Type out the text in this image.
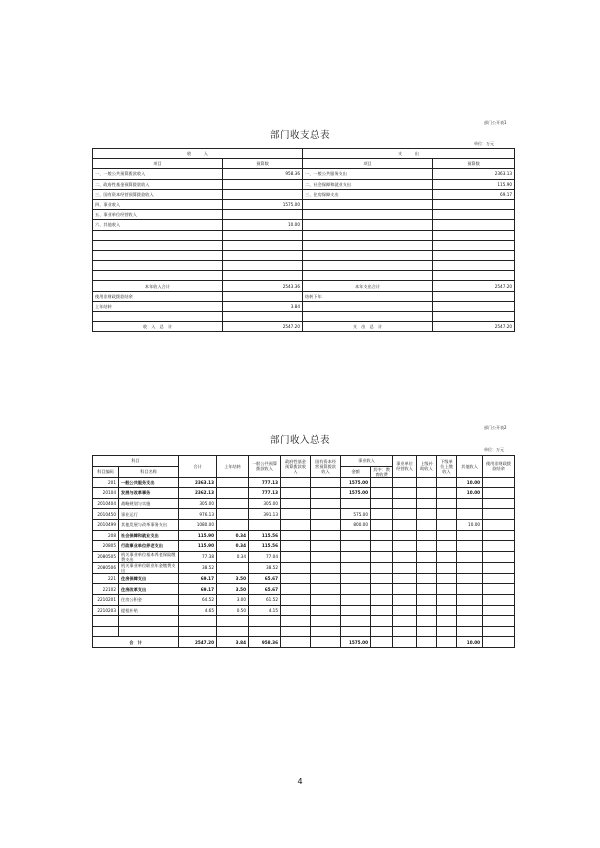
部门公开表1
部门收支总表
单位：万元
收　　　入		支　　　出	
项目	预算数	项目	预算数
一、一般公共预算拨款收入	958.36	一、一般公共服务支出	2363.13
二、政府性基金预算拨款收入		二、社会保障和就业支出	115.90
三、国有资本经营预算拨款收入		三、住房保障支出	69.17
四、事业收入	1575.00		
五、事业单位经营收入			
六、其他收入	10.00		

本年收入合计	2543.36	本年支出合计	2547.20
使用非财政拨款结余		结转下年	
上年结转	3.84		

收　入　总　计	2547.20	支　出　总　计	2547.20
部门公开表2
部门收入总表
单位：万元
科目		合计	上年结转	一般公共预算拨款收入	政府性基金预算拨款收入	国有资本经营预算拨款收入	事业收入		事业单位经营收入	上级补助收入	下级单位上缴收入	其他收入	使用非财政拨款结余
科目编码	科目名称						金额	其中：教育收费					

201	一般公共服务支出	2363.13		777.13			1575.00					10.00	
20104	发展与改革事务	2362.13		777.13			1575.00					10.00	
2010404	战略规划与实施	305.00		305.00									
2010450	事业运行	976.13		391.13			575.00						
2010499	其他发展与改革事务支出	1080.00					800.00					10.00	
208	社会保障和就业支出	115.90	0.34	115.56									
20805	行政事业单位养老支出	115.90	0.34	115.56									
2080505	机关事业单位基本养老保险缴费支出	77.38	0.34	77.04									
2080506	机关事业单位职业年金缴费支出	38.52		38.52									
221	住房保障支出	69.17	3.50	65.67									
22102	住房改革支出	69.17	3.50	65.67									
2210201	住房公积金	64.52	3.00	61.52									
2210203	提租补贴	4.65	0.50	4.15									

合　计		2547.20	3.84	958.36			1575.00					10.00	
4
